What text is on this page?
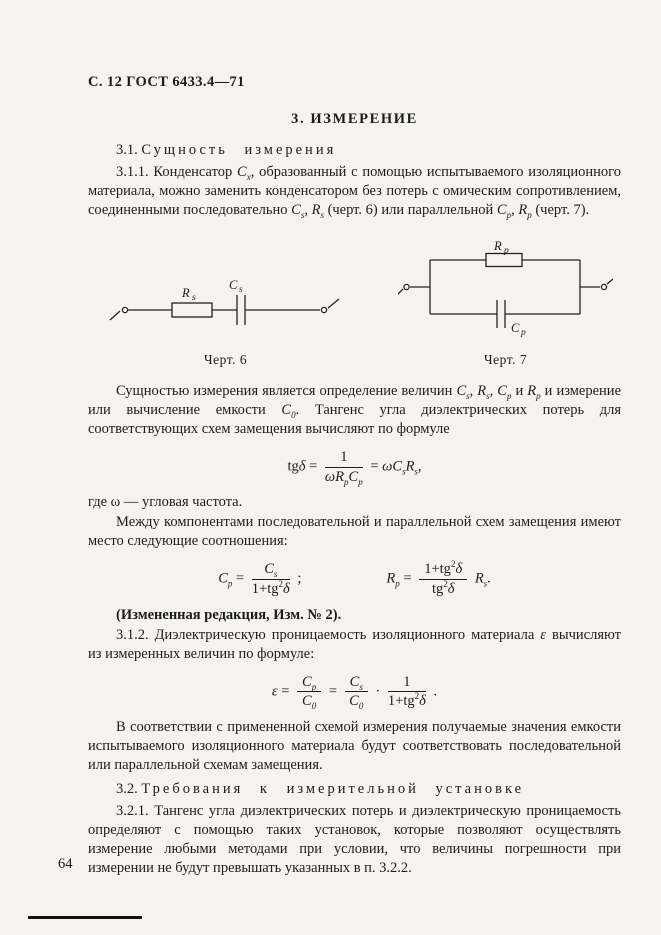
С. 12 ГОСТ 6433.4—71
3. ИЗМЕРЕНИЕ

3.1. Сущность измерения

3.1.1. Конденсатор $C_x$, образованный с помощью испытываемого изоляционного материала, можно заменить конденсатором без потерь с омическим сопротивлением, соединенными последовательно $C_s$, $R_s$ (черт. 6) или параллельной $C_p$, $R_p$ (черт. 7).

R s
C s
Черт. 6
R p
C p
Черт. 7

Сущностью измерения является определение величин $C_s$, $R_s$, $C_p$ и $R_p$ и измерение или вычисление емкости $C_0$. Тангенс угла диэлектрических потерь для соответствующих схем замещения вычисляют по формуле

$tg\delta = \frac{1}{\omega R_pC_p} = \omega C_sR_s$,

где ω — угловая частота.

Между компонентами последовательной и параллельной схем замещения имеют место следующие соотношения:

$C_p = \frac{C_s}{1+tg^2\delta}$ ;	$R_p = \frac{1+tg^2\delta}{tg^2\delta} R_s$.

(Измененная редакция, Изм. № 2).

3.1.2. Диэлектрическую проницаемость изоляционного материала ε вычисляют из измеренных величин по формуле:

$\varepsilon = \frac{C_p}{C_0} = \frac{C_s}{C_0} \cdot \frac{1}{1+tg^2\delta}$ .

В соответствии с примененной схемой измерения получаемые значения емкости испытываемого изоляционного материала будут соответствовать последовательной или параллельной схемам замещения.

3.2. Требования к измерительной установке

3.2.1. Тангенс угла диэлектрических потерь и диэлектрическую проницаемость определяют с помощью таких установок, которые позволяют осуществлять измерение любыми методами при условии, что величины погрешности при измерении не будут превышать указанных в п. 3.2.2.

64
